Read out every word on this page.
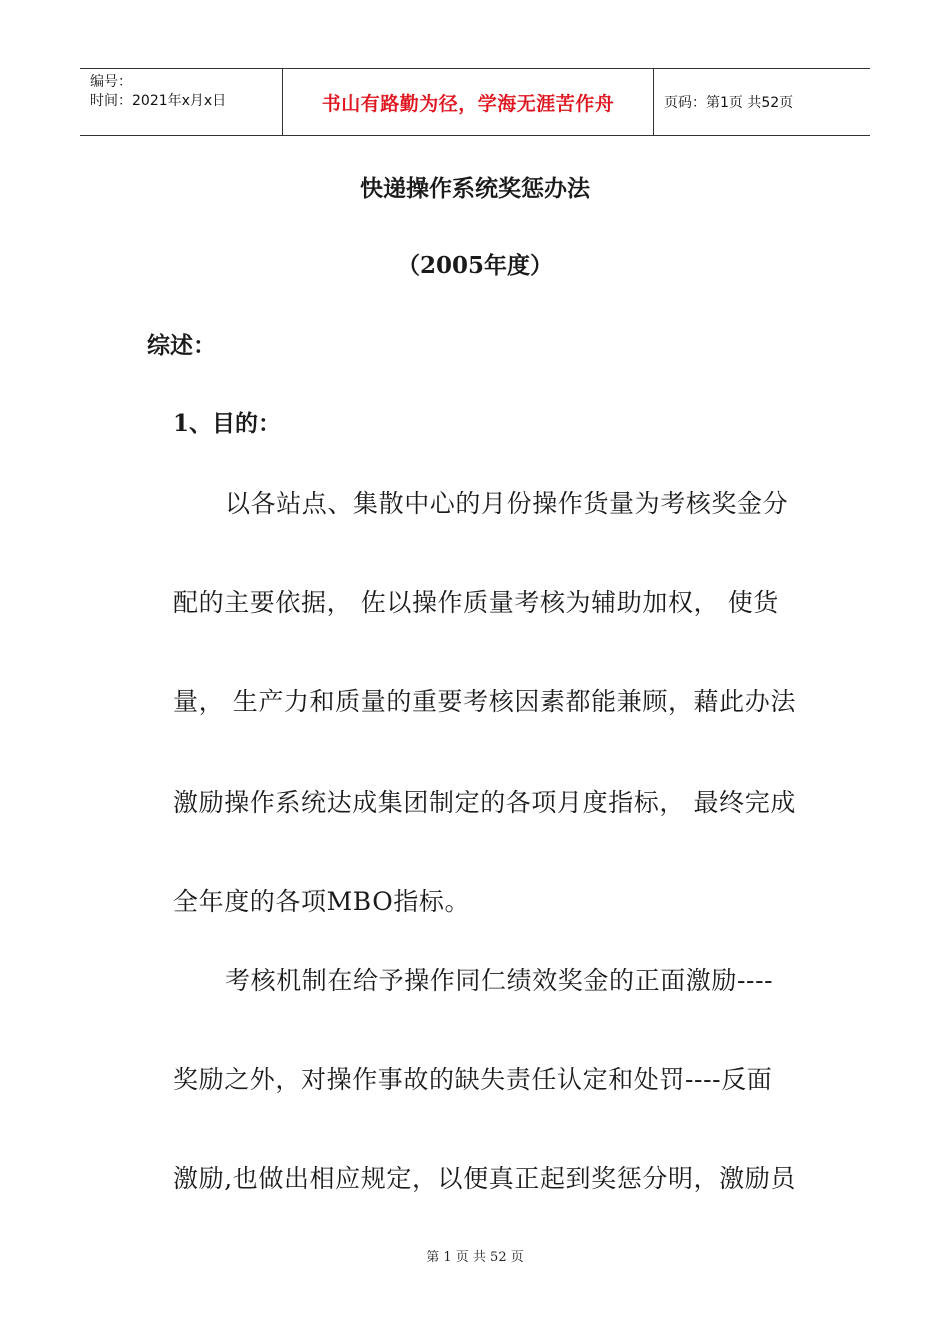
编号：
时间：2021年x月x日	书山有路勤为径，学海无涯苦作舟	页码：第1页 共52页
快递操作系统奖惩办法
（2005年度）
综述：
1、目的：
以各站点、集散中心的月份操作货量为考核奖金分
配的主要依据， 佐以操作质量考核为辅助加权， 使货
量， 生产力和质量的重要考核因素都能兼顾，藉此办法
激励操作系统达成集团制定的各项月度指标， 最终完成
全年度的各项MBO指标。
考核机制在给予操作同仁绩效奖金的正面激励----
奖励之外，对操作事故的缺失责任认定和处罚----反面
激励,也做出相应规定，以便真正起到奖惩分明，激励员
第 1 页 共 52 页
